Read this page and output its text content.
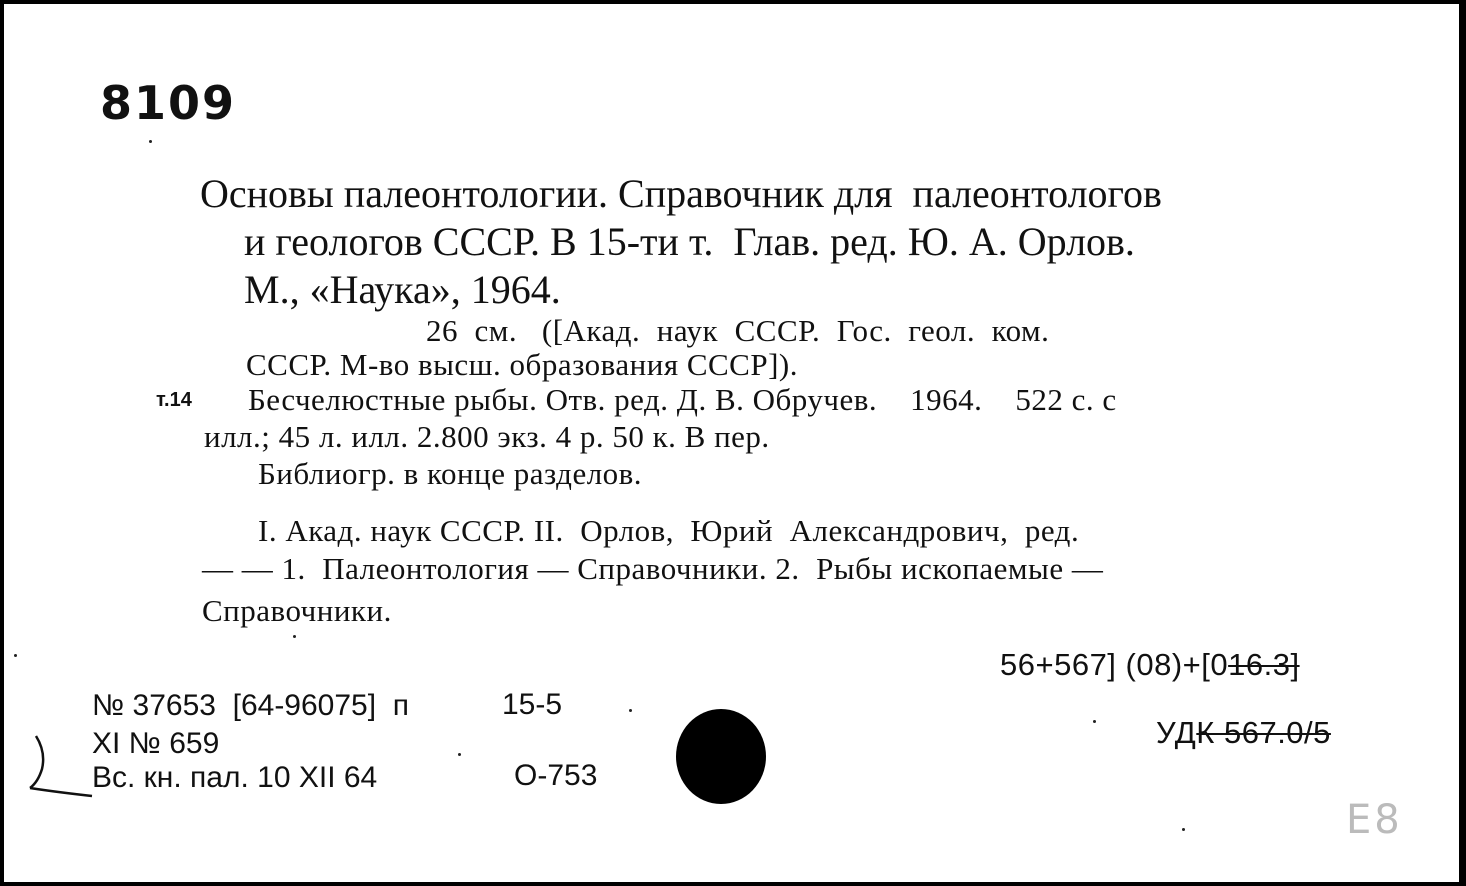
8109
Основы палеонтологии. Справочник для  палеонтологов
и геологов СССР. В 15-ти т.  Глав. ред. Ю. А. Орлов.
М., «Наука», 1964.
26  см.   ([Акад.  наук  СССР.  Гос.  геол.  ком.
СССР. М-во высш. образования СССР]).
т.14 Бесчелюстные рыбы. Отв. ред. Д. В. Обручев.    1964.    522 с. с
илл.; 45 л. илл. 2.800 экз. 4 р. 50 к. В пер.
Библиогр. в конце разделов.
I. Акад. наук СССР. II.  Орлов,  Юрий  Александрович,  ред.
— — 1.  Палеонтология — Справочники. 2.  Рыбы ископаемые —
Справочники.
56+567] (08)+[016.3]
УДК 567.0/5
№ 37653  [64-96075]  п	15-5
XI № 659
Вс. кн. пал. 10 XII 64	О-753
Е8
